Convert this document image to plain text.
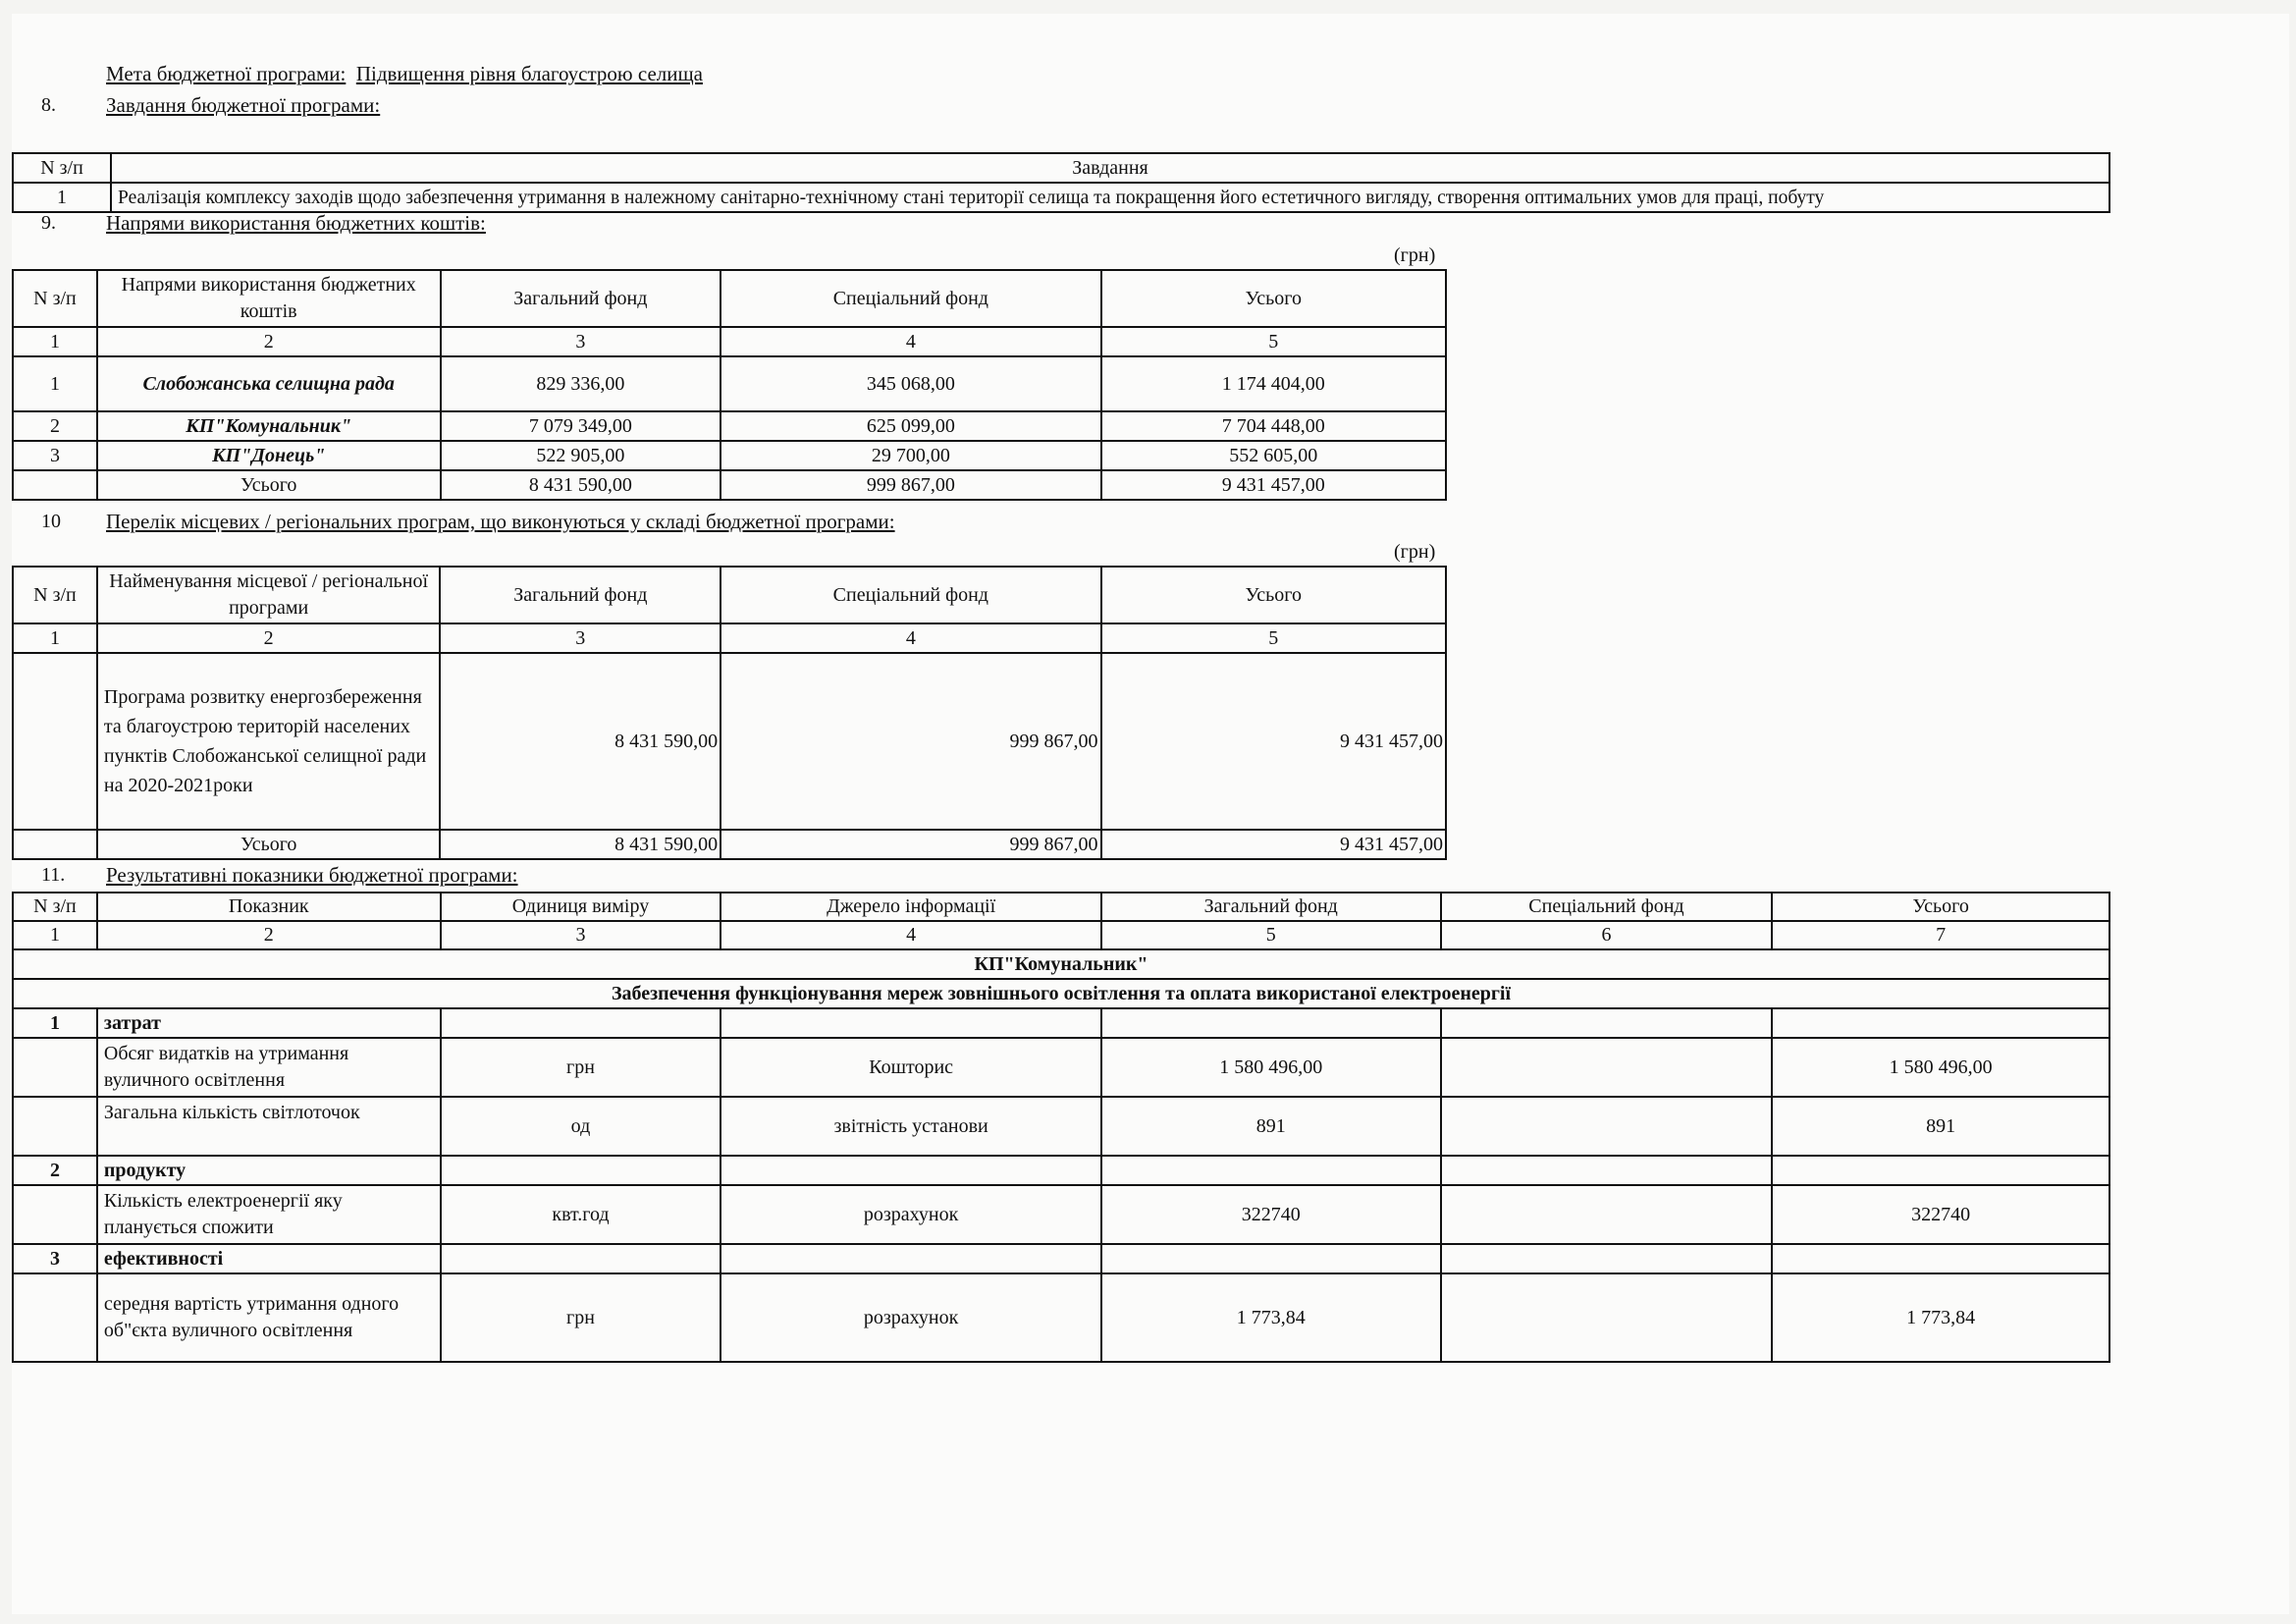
Мета бюджетної програми: Підвищення рівня благоустрою селища
8. Завдання бюджетної програми:
N з/п	Завдання
1	Реалізація комплексу заходів щодо забезпечення утримання в належному санітарно-технічному стані території селища та покращення його естетичного вигляду, створення оптимальних умов для праці, побуту
9. Напрями використання бюджетних коштів:
(грн)
N з/п	Напрями використання бюджетних коштів	Загальний фонд	Спеціальний фонд	Усього
1	2	3	4	5
1	Слобожанська селищна рада	829 336,00	345 068,00	1 174 404,00
2	КП"Комунальник"	7 079 349,00	625 099,00	7 704 448,00
3	КП"Донець"	522 905,00	29 700,00	552 605,00
	Усього	8 431 590,00	999 867,00	9 431 457,00
10 Перелік місцевих / регіональних програм, що виконуються у складі бюджетної програми:
(грн)
N з/п	Найменування місцевої / регіональної програми	Загальний фонд	Спеціальний фонд	Усього
1	2	3	4	5
	Програма розвитку енергозбереження та благоустрою територій населених пунктів Слобожанської селищної ради на 2020-2021роки	8 431 590,00	999 867,00	9 431 457,00
	Усього	8 431 590,00	999 867,00	9 431 457,00
11. Результативні показники бюджетної програми:
N з/п	Показник	Одиниця виміру	Джерело інформації	Загальний фонд	Спеціальний фонд	Усього
1	2	3	4	5	6	7
КП"Комунальник"						
Забезпечення функціонування мереж зовнішнього освітлення та оплата використаної електроенергії						
1	затрат					
	Обсяг видатків на утримання вуличного освітлення	грн	Кошторис	1 580 496,00		1 580 496,00
	Загальна кількість світлоточок	од	звітність установи	891		891
2	продукту					
	Кількість електроенергії яку планується спожити	квт.год	розрахунок	322740		322740
3	ефективності					
	середня вартість утримання одного об"єкта вуличного освітлення	грн	розрахунок	1 773,84		1 773,84
